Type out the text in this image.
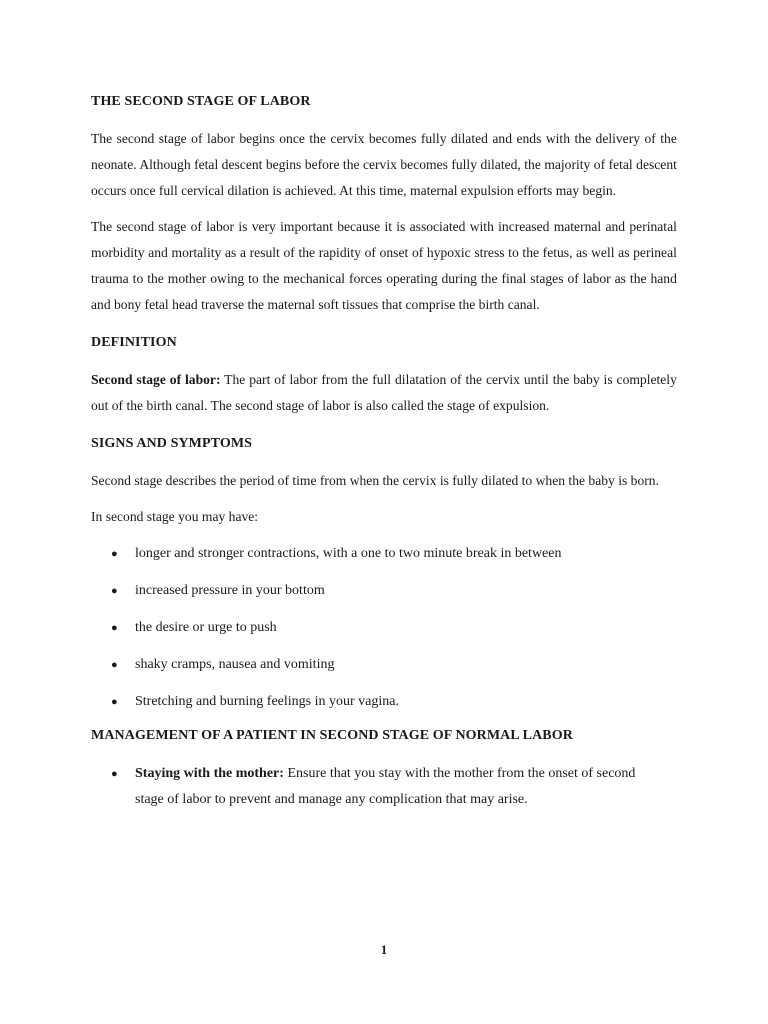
THE SECOND STAGE OF LABOR

The second stage of labor begins once the cervix becomes fully dilated and ends with the delivery of the neonate. Although fetal descent begins before the cervix becomes fully dilated, the majority of fetal descent occurs once full cervical dilation is achieved. At this time, maternal expulsion efforts may begin.

The second stage of labor is very important because it is associated with increased maternal and perinatal morbidity and mortality as a result of the rapidity of onset of hypoxic stress to the fetus, as well as perineal trauma to the mother owing to the mechanical forces operating during the final stages of labor as the hand and bony fetal head traverse the maternal soft tissues that comprise the birth canal.

DEFINITION

Second stage of labor: The part of labor from the full dilatation of the cervix until the baby is completely out of the birth canal. The second stage of labor is also called the stage of expulsion.

SIGNS AND SYMPTOMS

Second stage describes the period of time from when the cervix is fully dilated to when the baby is born.

In second stage you may have:

● longer and stronger contractions, with a one to two minute break in between
● increased pressure in your bottom
● the desire or urge to push
● shaky cramps, nausea and vomiting
● Stretching and burning feelings in your vagina.
MANAGEMENT OF A PATIENT IN SECOND STAGE OF NORMAL LABOR
● Staying with the mother: Ensure that you stay with the mother from the onset of second stage of labor to prevent and manage any complication that may arise.
1
